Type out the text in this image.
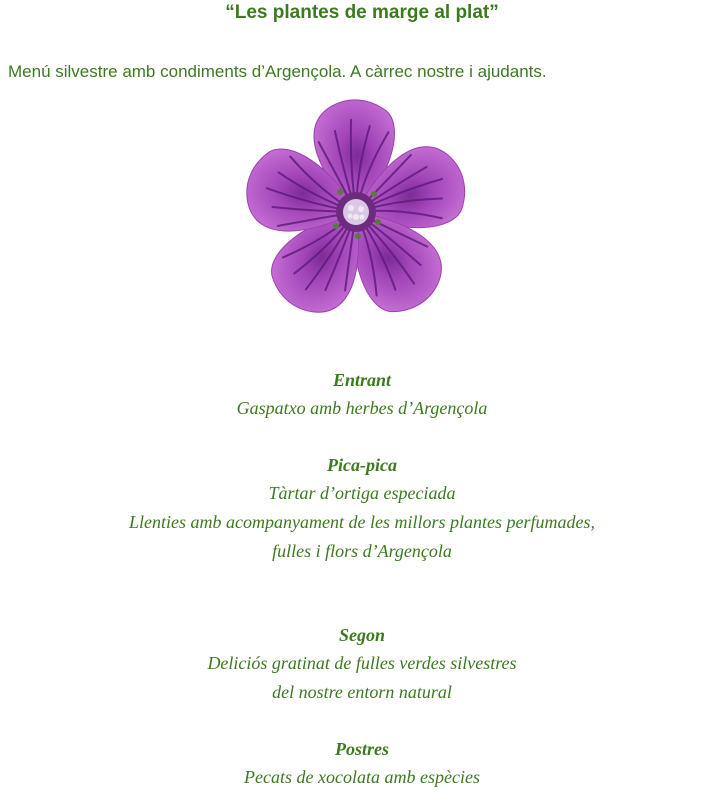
“Les plantes de marge al plat”

Menú silvestre amb condiments d’Argençola. A càrrec nostre i ajudants.

Entrant

Gaspatxo amb herbes d’Argençola

Pica-pica

Tàrtar d’ortiga especiada

Llenties amb acompanyament de les millors plantes perfumades,

fulles i flors d’Argençola

Segon

Deliciós gratinat de fulles verdes silvestres

del nostre entorn natural

Postres

Pecats de xocolata amb espècies
